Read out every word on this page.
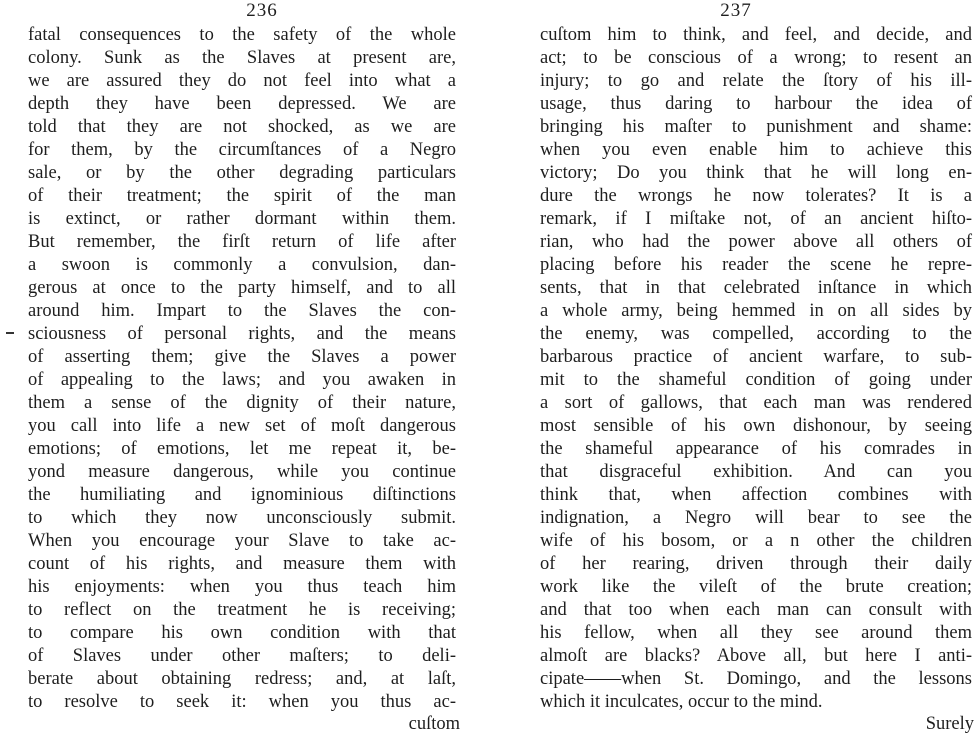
236
fatal consequences to the safety of the whole
colony. Sunk as the Slaves at present are,
we are assured they do not feel into what a
depth they have been depressed. We are
told that they are not shocked, as we are
for them, by the circumſtances of a Negro
sale, or by the other degrading particulars
of their treatment; the spirit of the man
is extinct, or rather dormant within them.
But remember, the firſt return of life after
a swoon is commonly a convulsion, dan-
gerous at once to the party himself, and to all
around him. Impart to the Slaves the con-
sciousness of personal rights, and the means
of asserting them; give the Slaves a power
of appealing to the laws; and you awaken in
them a sense of the dignity of their nature,
you call into life a new set of moſt dangerous
emotions; of emotions, let me repeat it, be-
yond measure dangerous, while you continue
the humiliating and ignominious diſtinctions
to which they now unconsciously submit.
When you encourage your Slave to take ac-
count of his rights, and measure them with
his enjoyments: when you thus teach him
to reflect on the treatment he is receiving;
to compare his own condition with that
of Slaves under other maſters; to deli-
berate about obtaining redress; and, at laſt,
to resolve to seek it: when you thus ac-
cuſtom
237
cuſtom him to think, and feel, and decide, and
act; to be conscious of a wrong; to resent an
injury; to go and relate the ſtory of his ill-
usage, thus daring to harbour the idea of
bringing his maſter to punishment and shame:
when you even enable him to achieve this
victory; Do you think that he will long en-
dure the wrongs he now tolerates? It is a
remark, if I miſtake not, of an ancient hiſto-
rian, who had the power above all others of
placing before his reader the scene he repre-
sents, that in that celebrated inſtance in which
a whole army, being hemmed in on all sides by
the enemy, was compelled, according to the
barbarous practice of ancient warfare, to sub-
mit to the shameful condition of going under
a sort of gallows, that each man was rendered
most sensible of his own dishonour, by seeing
the shameful appearance of his comrades in
that disgraceful exhibition. And can you
think that, when affection combines with
indignation, a Negro will bear to see the
wife of his bosom, or a n other the children
of her rearing, driven through their daily
work like the vileſt of the brute creation;
and that too when each man can consult with
his fellow, when all they see around them
almoſt are blacks? Above all, but here I anti-
cipate——when St. Domingo, and the lessons
which it inculcates, occur to the mind.
Surely
